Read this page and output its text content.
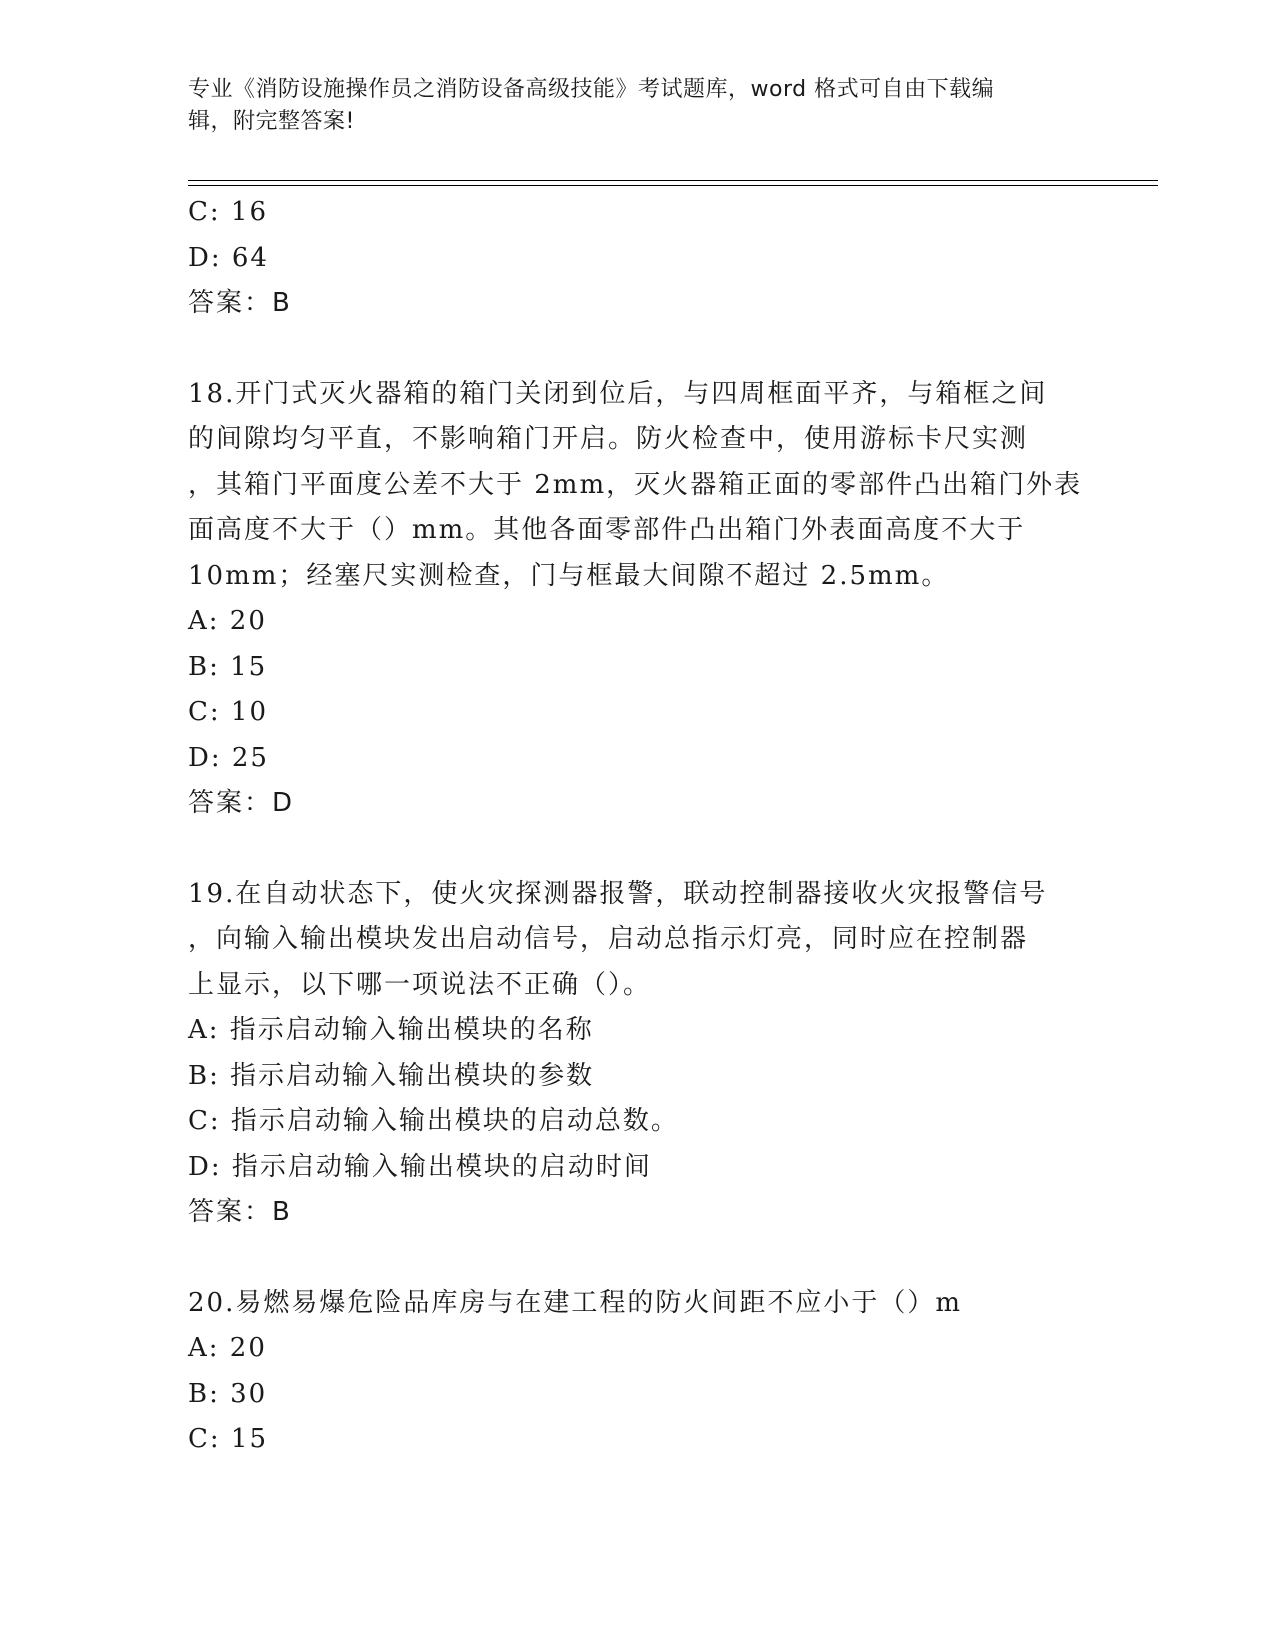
专业《消防设施操作员之消防设备高级技能》考试题库，word 格式可自由下载编
辑，附完整答案!
C: 16
D: 64
答案：B
18.开门式灭火器箱的箱门关闭到位后，与四周框面平齐，与箱框之间
的间隙均匀平直，不影响箱门开启。防火检查中，使用游标卡尺实测
，其箱门平面度公差不大于 2mm，灭火器箱正面的零部件凸出箱门外表
面高度不大于（）mm。其他各面零部件凸出箱门外表面高度不大于
10mm；经塞尺实测检查，门与框最大间隙不超过 2.5mm。
A: 20
B: 15
C: 10
D: 25
答案：D
19.在自动状态下，使火灾探测器报警，联动控制器接收火灾报警信号
，向输入输出模块发出启动信号，启动总指示灯亮，同时应在控制器
上显示，以下哪一项说法不正确（）。
A: 指示启动输入输出模块的名称
B: 指示启动输入输出模块的参数
C: 指示启动输入输出模块的启动总数。
D: 指示启动输入输出模块的启动时间
答案：B
20.易燃易爆危险品库房与在建工程的防火间距不应小于（）m
A: 20
B: 30
C: 15
